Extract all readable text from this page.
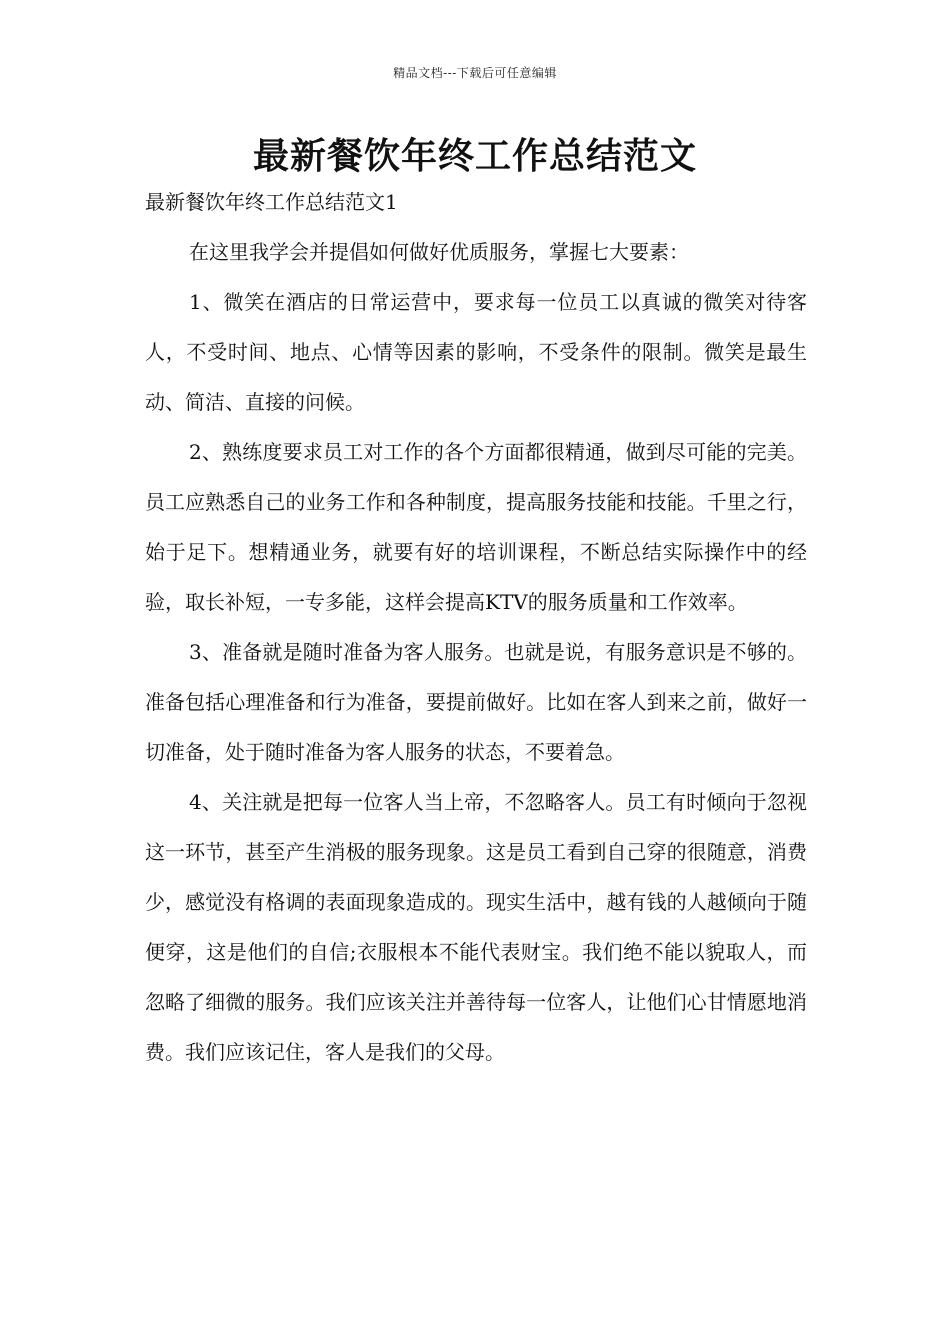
精品文档---下载后可任意编辑
最新餐饮年终工作总结范文

最新餐饮年终工作总结范文1

在这里我学会并提倡如何做好优质服务，掌握七大要素：

1、微笑在酒店的日常运营中，要求每一位员工以真诚的微笑对待客人，不受时间、地点、心情等因素的影响，不受条件的限制。微笑是最生动、简洁、直接的问候。

2、熟练度要求员工对工作的各个方面都很精通，做到尽可能的完美。员工应熟悉自己的业务工作和各种制度，提高服务技能和技能。千里之行，始于足下。想精通业务，就要有好的培训课程，不断总结实际操作中的经验，取长补短，一专多能，这样会提高KTV的服务质量和工作效率。

3、准备就是随时准备为客人服务。也就是说，有服务意识是不够的。准备包括心理准备和行为准备，要提前做好。比如在客人到来之前，做好一切准备，处于随时准备为客人服务的状态，不要着急。

4、关注就是把每一位客人当上帝，不忽略客人。员工有时倾向于忽视这一环节，甚至产生消极的服务现象。这是员工看到自己穿的很随意，消费少，感觉没有格调的表面现象造成的。现实生活中，越有钱的人越倾向于随便穿，这是他们的自信;衣服根本不能代表财宝。我们绝不能以貌取人，而忽略了细微的服务。我们应该关注并善待每一位客人，让他们心甘情愿地消费。我们应该记住，客人是我们的父母。
